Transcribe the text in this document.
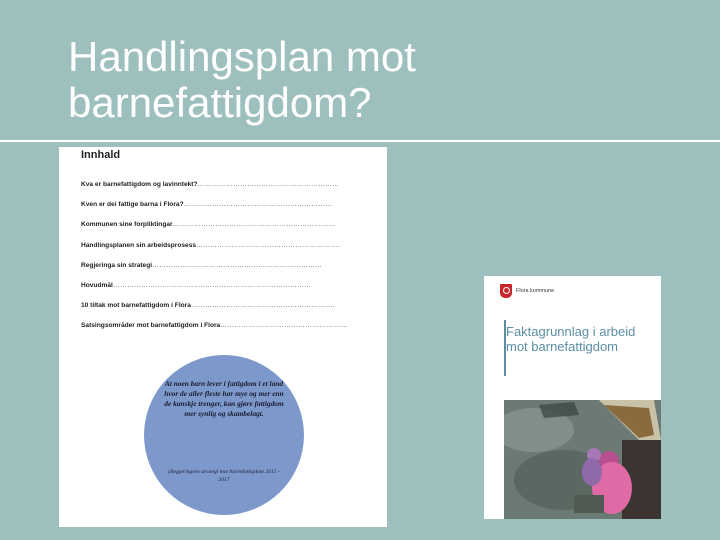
Handlingsplan mot
barnefattigdom?
Innhald
Kva er barnefattigdom og lavinntekt?……………………………………………………
Kven er dei fattige barna i Flora?………………………………………………………
Kommunen sine forpliktingar……………………………………………………………
Handlingsplanen sin arbeidsprosess…………………………………………………….
Regjeringa sin strategi………………………………………………………………
Hovudmål…………………………………………………………………………
10 tiltak mot barnefattigdom i Flora…………………………………………………….
Satsingsområder mot barnefattigdom i Flora………………………………………………

At noen barn lever i fattigdom i et land hvor de aller fleste har mye og mer enn de kanskje trenger, kan gjøre fattigdom mer synlig og skambelagt.

(Regjeringens strategi mot barnefattigdom 2015 - 2017

Flora kommune
Faktagrunnlag i arbeid mot barnefattigdom
